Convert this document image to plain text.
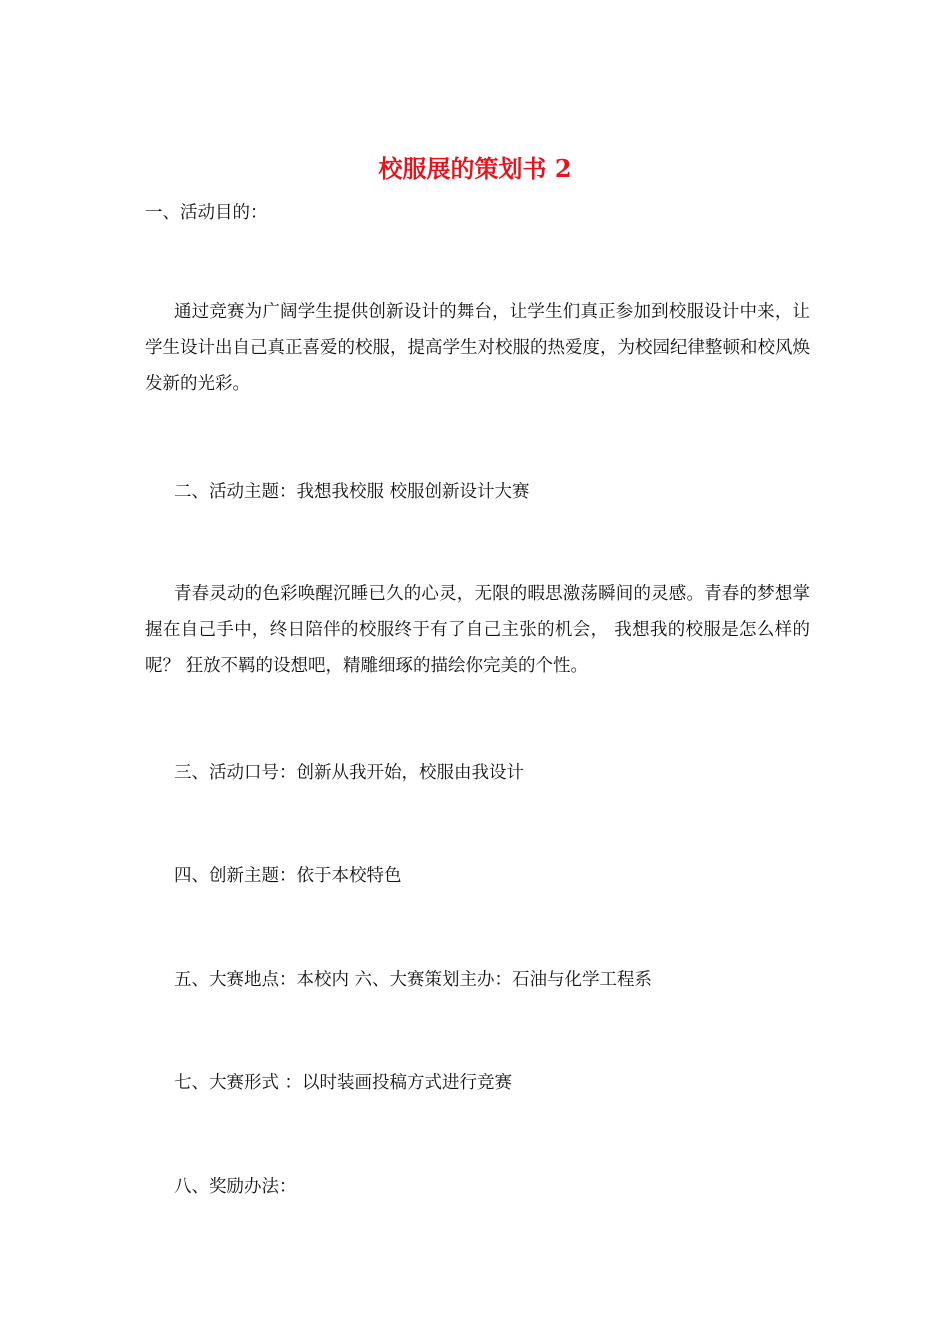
校服展的策划书 2

一、活动目的：

通过竞赛为广阔学生提供创新设计的舞台，让学生们真正参加到校服设计中来，让学生设计出自己真正喜爱的校服，提高学生对校服的热爱度，为校园纪律整顿和校风焕发新的光彩。

二、活动主题：我想我校服 校服创新设计大赛

青春灵动的色彩唤醒沉睡已久的心灵，无限的暇思激荡瞬间的灵感。青春的梦想掌握在自己手中，终日陪伴的校服终于有了自己主张的机会， 我想我的校服是怎么样的呢？ 狂放不羁的设想吧，精雕细琢的描绘你完美的个性。

三、活动口号：创新从我开始，校服由我设计

四、创新主题：依于本校特色

五、大赛地点：本校内 六、大赛策划主办：石油与化学工程系

七、大赛形式 ：以时装画投稿方式进行竞赛

八、奖励办法：
